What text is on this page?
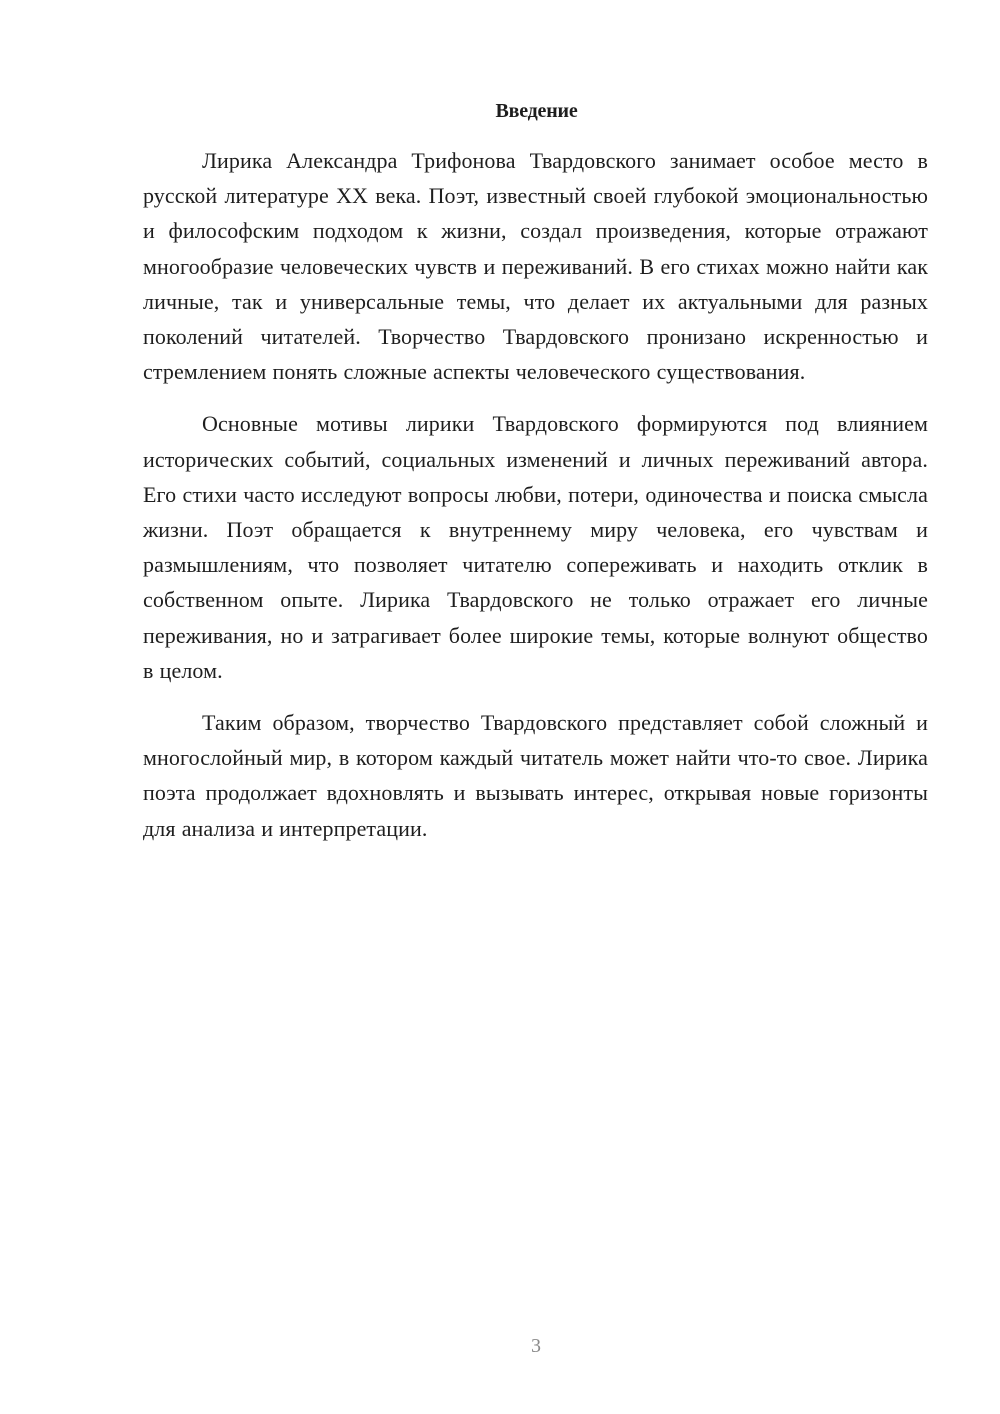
Введение

Лирика Александра Трифонова Твардовского занимает особое место в русской литературе XX века. Поэт, известный своей глубокой эмоциональностью и философским подходом к жизни, создал произведения, которые отражают многообразие человеческих чувств и переживаний. В его стихах можно найти как личные, так и универсальные темы, что делает их актуальными для разных поколений читателей. Творчество Твардовского пронизано искренностью и стремлением понять сложные аспекты человеческого существования.

Основные мотивы лирики Твардовского формируются под влиянием исторических событий, социальных изменений и личных переживаний автора. Его стихи часто исследуют вопросы любви, потери, одиночества и поиска смысла жизни. Поэт обращается к внутреннему миру человека, его чувствам и размышлениям, что позволяет читателю сопереживать и находить отклик в собственном опыте. Лирика Твардовского не только отражает его личные переживания, но и затрагивает более широкие темы, которые волнуют общество в целом.

Таким образом, творчество Твардовского представляет собой сложный и многослойный мир, в котором каждый читатель может найти что-то свое. Лирика поэта продолжает вдохновлять и вызывать интерес, открывая новые горизонты для анализа и интерпретации.

3
